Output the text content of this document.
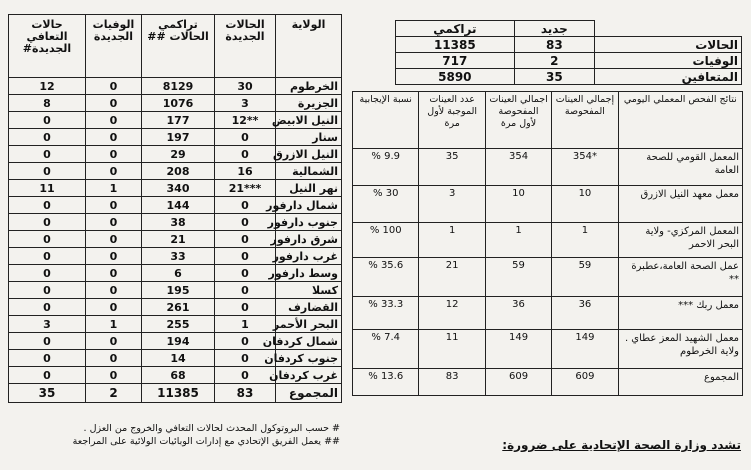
الولاية	الحالات الجديدة	تراكمي الحالات ##	الوفيات الجديدة	حالات التعافي الجديدة#
الخرطوم	30	8129	0	12
الجزيرة	3	1076	0	8
النيل الابيض	**12	177	0	0
سنار	0	197	0	0
النيل الازرق	0	29	0	0
الشمالية	16	208	0	0
نهر النيل	***21	340	1	11
شمال دارفور	0	144	0	0
جنوب دارفور	0	38	0	0
شرق دارفور	0	21	0	0
غرب دارفور	0	33	0	0
وسط دارفور	0	6	0	0
كسلا	0	195	0	0
القضارف	0	261	0	0
البحر الأحمر	1	255	1	3
شمال كردفان	0	194	0	0
جنوب كردفان	0	14	0	0
غرب كردفان	0	68	0	0
المجموع	83	11385	2	35
# حسب البروتوكول المحدث لحالات التعافي والخروج من العزل .
## يعمل الفريق الإتحادي مع إدارات الوبائيات الولائية على المراجعة
	جديد	تراكمي
الحالات	83	11385
الوفيات	2	717
المتعافين	35	5890
نتائج الفحص المعملي اليومي	إجمالي العينات المفحوصة	اجمالي العينات المفحوصة لأول مرة	عدد العينات الموجبة لأول مرة	نسبة الإيجابية
المعمل القومي للصحة العامة	*354	354	35	9.9 %
معمل معهد النيل الازرق	10	10	3	30 %
المعمل المركزي- ولاية البحر الاحمر	1	1	1	100 %
عمل الصحة العامة،عطبرة **	59	59	21	35.6 %
معمل ربك ***	36	36	12	33.3 %
معمل الشهيد المعز عطاي . ولاية الخرطوم	149	149	11	7.4 %
المجموع	609	609	83	13.6 %
تشدد وزارة الصحة الإتحادية على ضرورة:
